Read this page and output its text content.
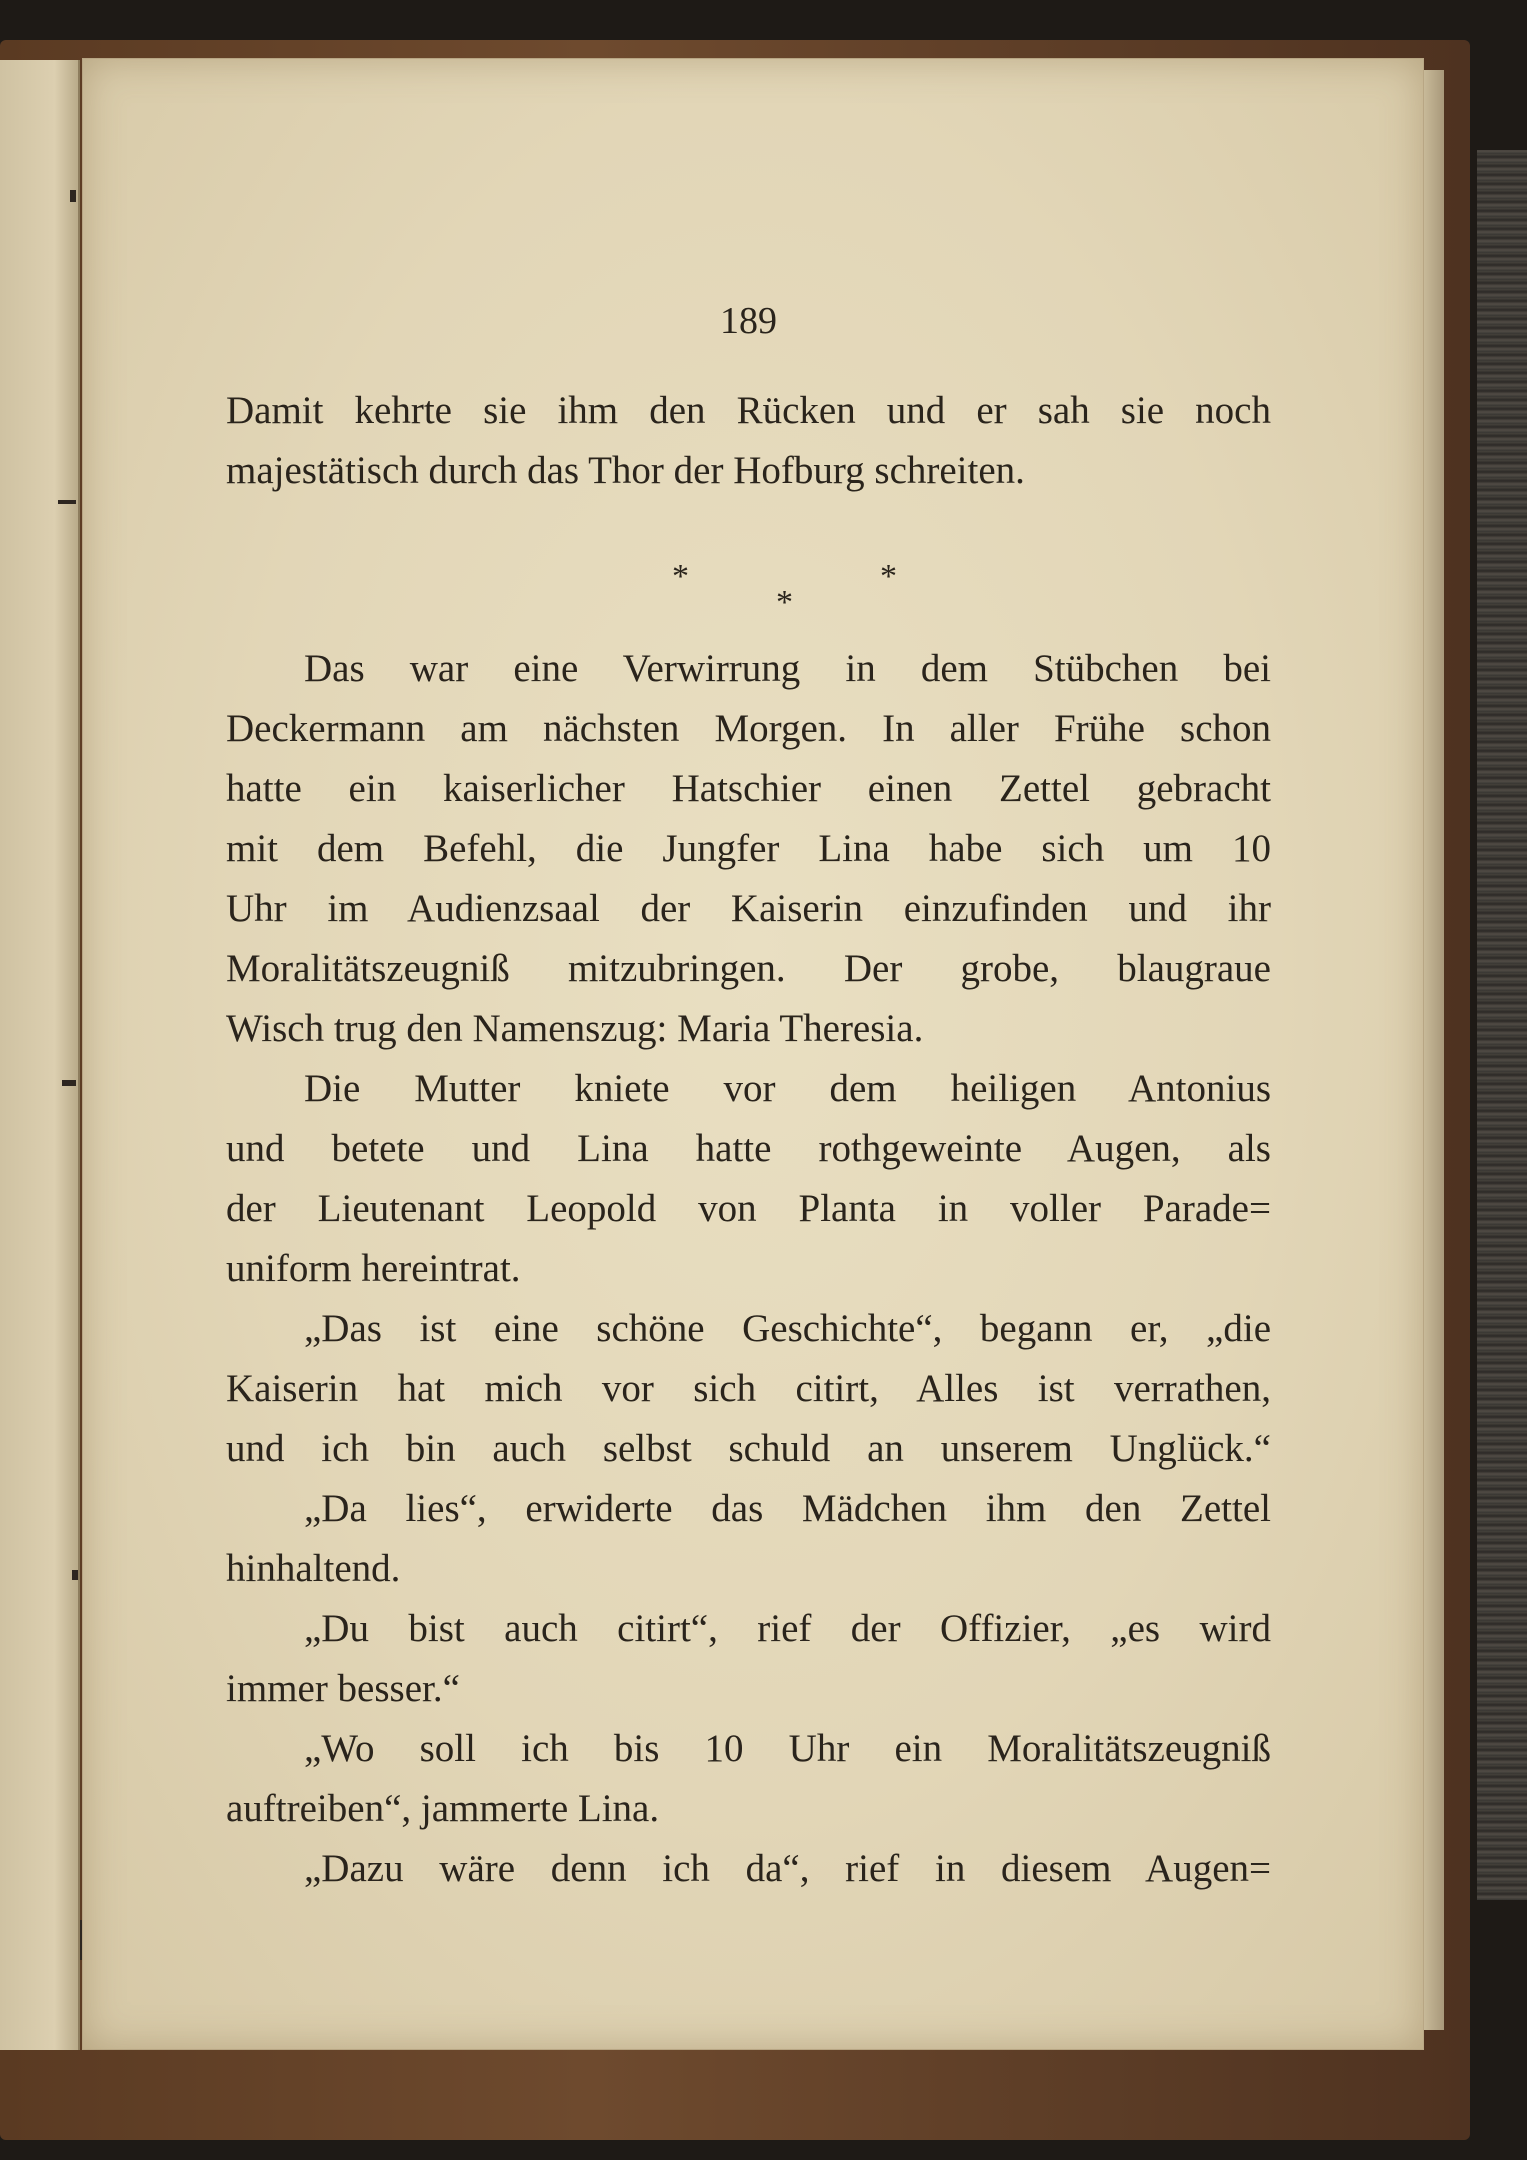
189
Damit kehrte sie ihm den Rücken und er sah sie noch
majestätisch durch das Thor der Hofburg schreiten.
*	*
*
Das war eine Verwirrung in dem Stübchen bei
Deckermann am nächsten Morgen. In aller Frühe schon
hatte ein kaiserlicher Hatschier einen Zettel gebracht
mit dem Befehl, die Jungfer Lina habe sich um 10
Uhr im Audienzsaal der Kaiserin einzufinden und ihr
Moralitätszeugniß mitzubringen. Der grobe, blaugraue
Wisch trug den Namenszug: Maria Theresia.
Die Mutter kniete vor dem heiligen Antonius
und betete und Lina hatte rothgeweinte Augen, als
der Lieutenant Leopold von Planta in voller Parade=
uniform hereintrat.
„Das ist eine schöne Geschichte“, begann er, „die
Kaiserin hat mich vor sich citirt, Alles ist verrathen,
und ich bin auch selbst schuld an unserem Unglück.“
„Da lies“, erwiderte das Mädchen ihm den Zettel
hinhaltend.
„Du bist auch citirt“, rief der Offizier, „es wird
immer besser.“
„Wo soll ich bis 10 Uhr ein Moralitätszeugniß
auftreiben“, jammerte Lina.
„Dazu wäre denn ich da“, rief in diesem Augen=
